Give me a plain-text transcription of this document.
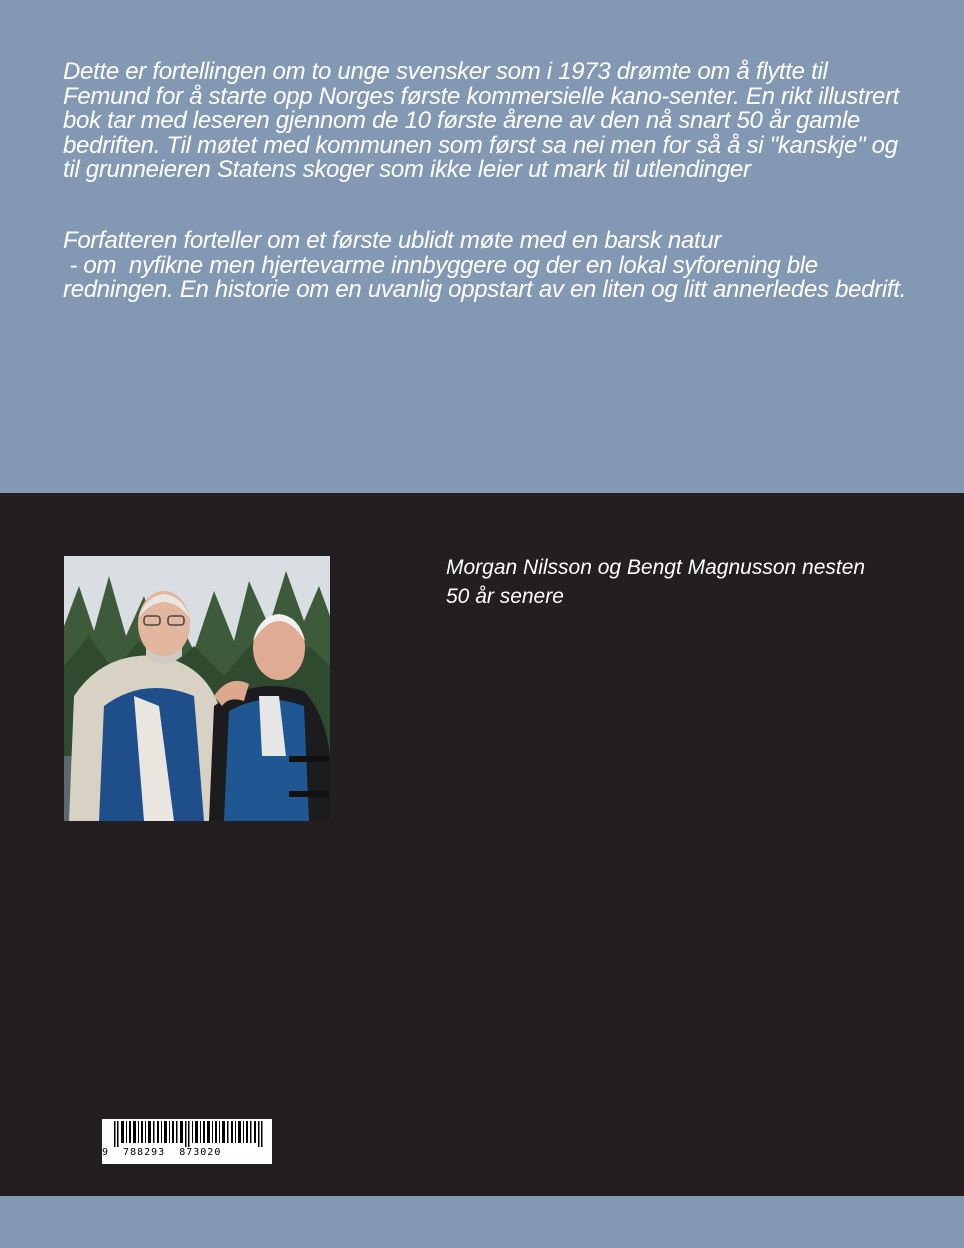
Dette er fortellingen om to unge svensker som i 1973 drømte om å flytte til Femund for å starte opp Norges første kommersielle kano-senter. En rikt illustrert bok tar med leseren gjennom de 10 første årene av den nå snart 50 år gamle bedriften. Til møtet med kommunen som først sa nei men for så å si "kanskje" og til grunneieren Statens skoger som ikke leier ut mark til utlendinger

Forfatteren forteller om et første ublidt møte med en barsk natur
- om  nyfikne men hjertevarme innbyggere og der en lokal syforening ble redningen. En historie om en uvanlig oppstart av en liten og litt annerledes bedrift.

Morgan Nilsson og Bengt Magnusson nesten
50 år senere

9  788293  873020
